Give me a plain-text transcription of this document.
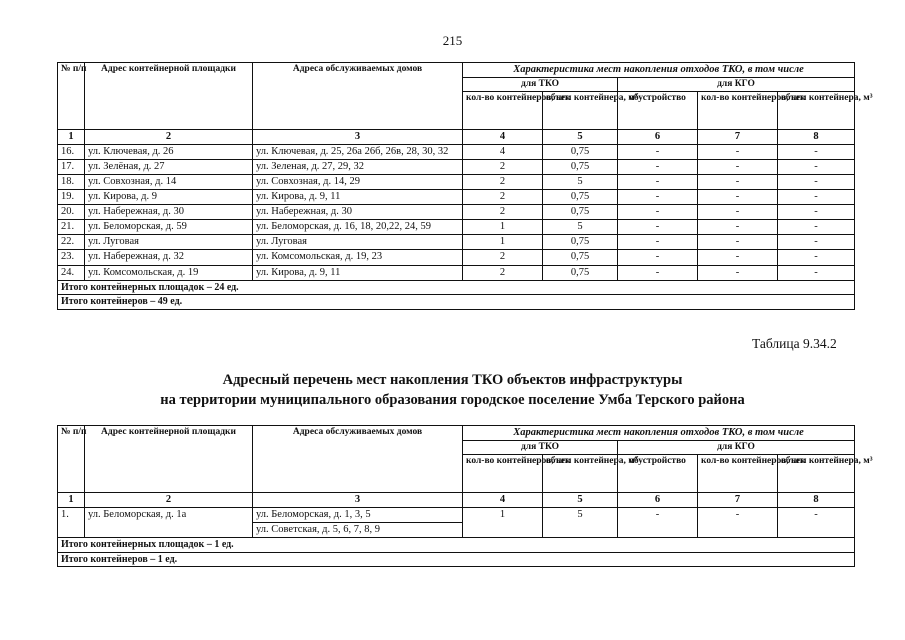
215
№ п/п	Адрес контейнерной площадки	Адреса обслуживаемых домов	Характеристика мест накопления отходов ТКО, в том числе				
			для ТКО		для КГО		
			кол-во контейнеров, шт.	объем контейнера, м³	обустройство	кол-во контейнеров, шт.	объем контейнера, м³
1	2	3	4	5	6	7	8
16.	ул. Ключевая, д. 26	ул. Ключевая, д. 25, 26а 26б, 26в, 28, 30, 32	4	0,75	-	-	-
17.	ул. Зелёная, д. 27	ул. Зеленая, д. 27, 29, 32	2	0,75	-	-	-
18.	ул. Совхозная, д. 14	ул. Совхозная, д. 14, 29	2	5	-	-	-
19.	ул. Кирова, д. 9	ул. Кирова, д. 9, 11	2	0,75	-	-	-
20.	ул. Набережная, д. 30	ул. Набережная, д. 30	2	0,75	-	-	-
21.	ул. Беломорская, д. 59	ул. Беломорская, д. 16, 18, 20,22, 24, 59	1	5	-	-	-
22.	ул. Луговая	ул. Луговая	1	0,75	-	-	-
23.	ул. Набережная, д. 32	ул. Комсомольская, д. 19, 23	2	0,75	-	-	-
24.	ул. Комсомольская, д. 19	ул. Кирова, д. 9, 11	2	0,75	-	-	-
Итого контейнерных площадок – 24 ед.							
Итого контейнеров – 49 ед.							
Таблица 9.34.2
Адресный перечень мест накопления ТКО объектов инфраструктуры
на территории муниципального образования городское поселение Умба Терского района
№ п/п	Адрес контейнерной площадки	Адреса обслуживаемых домов	Характеристика мест накопления отходов ТКО, в том числе				
			для ТКО		для КГО		
			кол-во контейнеров, шт.	объем контейнера, м³	обустройство	кол-во контейнеров, шт.	объем контейнера, м³
1	2	3	4	5	6	7	8
1.	ул. Беломорская, д. 1а	ул. Беломорская, д. 1, 3, 5	1	5	-	-	-
		ул. Советская, д. 5, 6, 7, 8, 9					
Итого контейнерных площадок – 1 ед.							
Итого контейнеров – 1 ед.							
